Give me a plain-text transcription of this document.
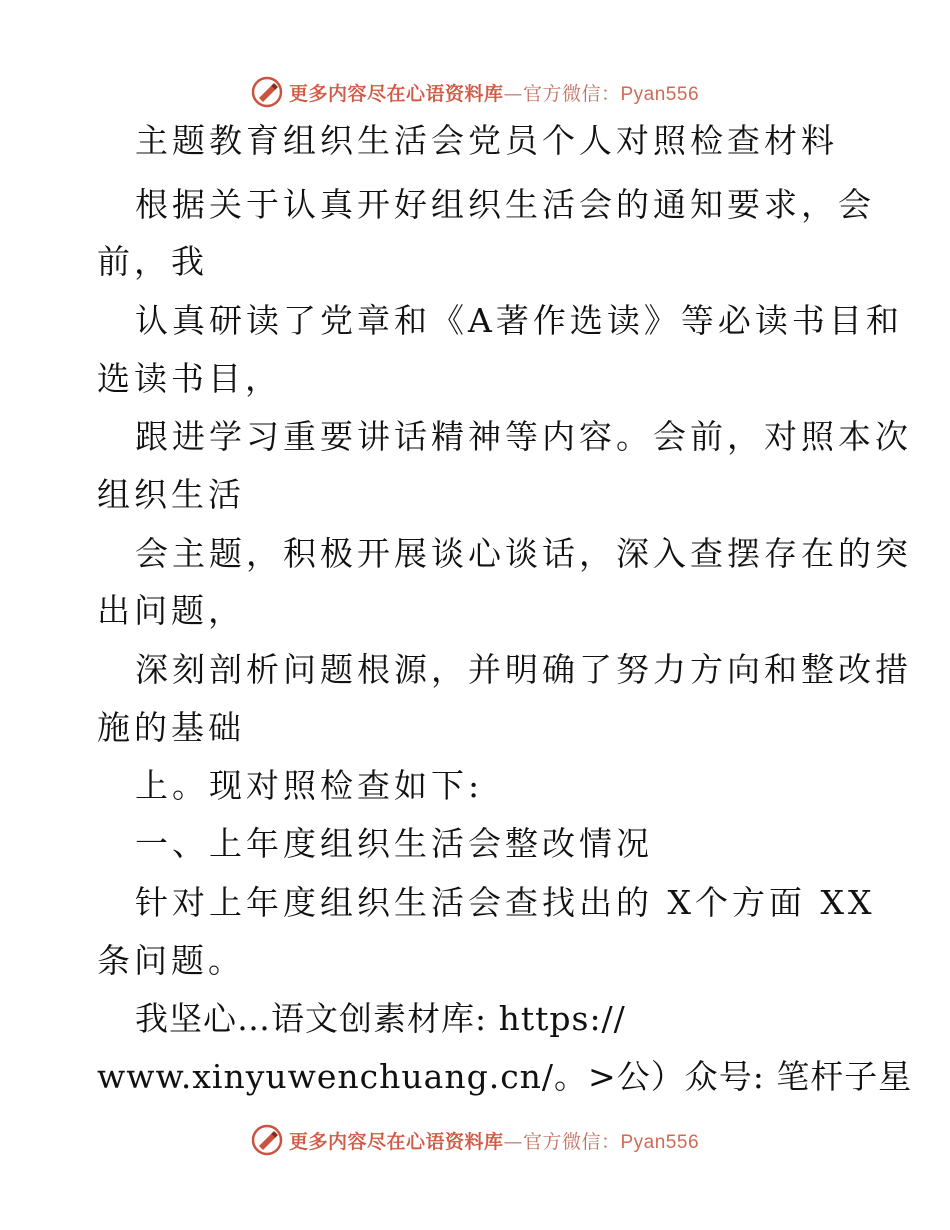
更多内容尽在心语资料库—官方微信：Pyan556
主题教育组织生活会党员个人对照检查材料
根据关于认真开好组织生活会的通知要求，会
前，我
认真研读了党章和《A著作选读》等必读书目和
选读书目，
跟进学习重要讲话精神等内容。会前，对照本次
组织生活
会主题，积极开展谈心谈话，深入查摆存在的突
出问题，
深刻剖析问题根源，并明确了努力方向和整改措
施的基础
上。现对照检查如下:
一、上年度组织生活会整改情况
针对上年度组织生活会查找出的 X个方面 XX
条问题。
我坚心…语文创素材库: https://
www.xinyuwenchuang.cn/。>公）众号: 笔杆子星
更多内容尽在心语资料库—官方微信：Pyan556
